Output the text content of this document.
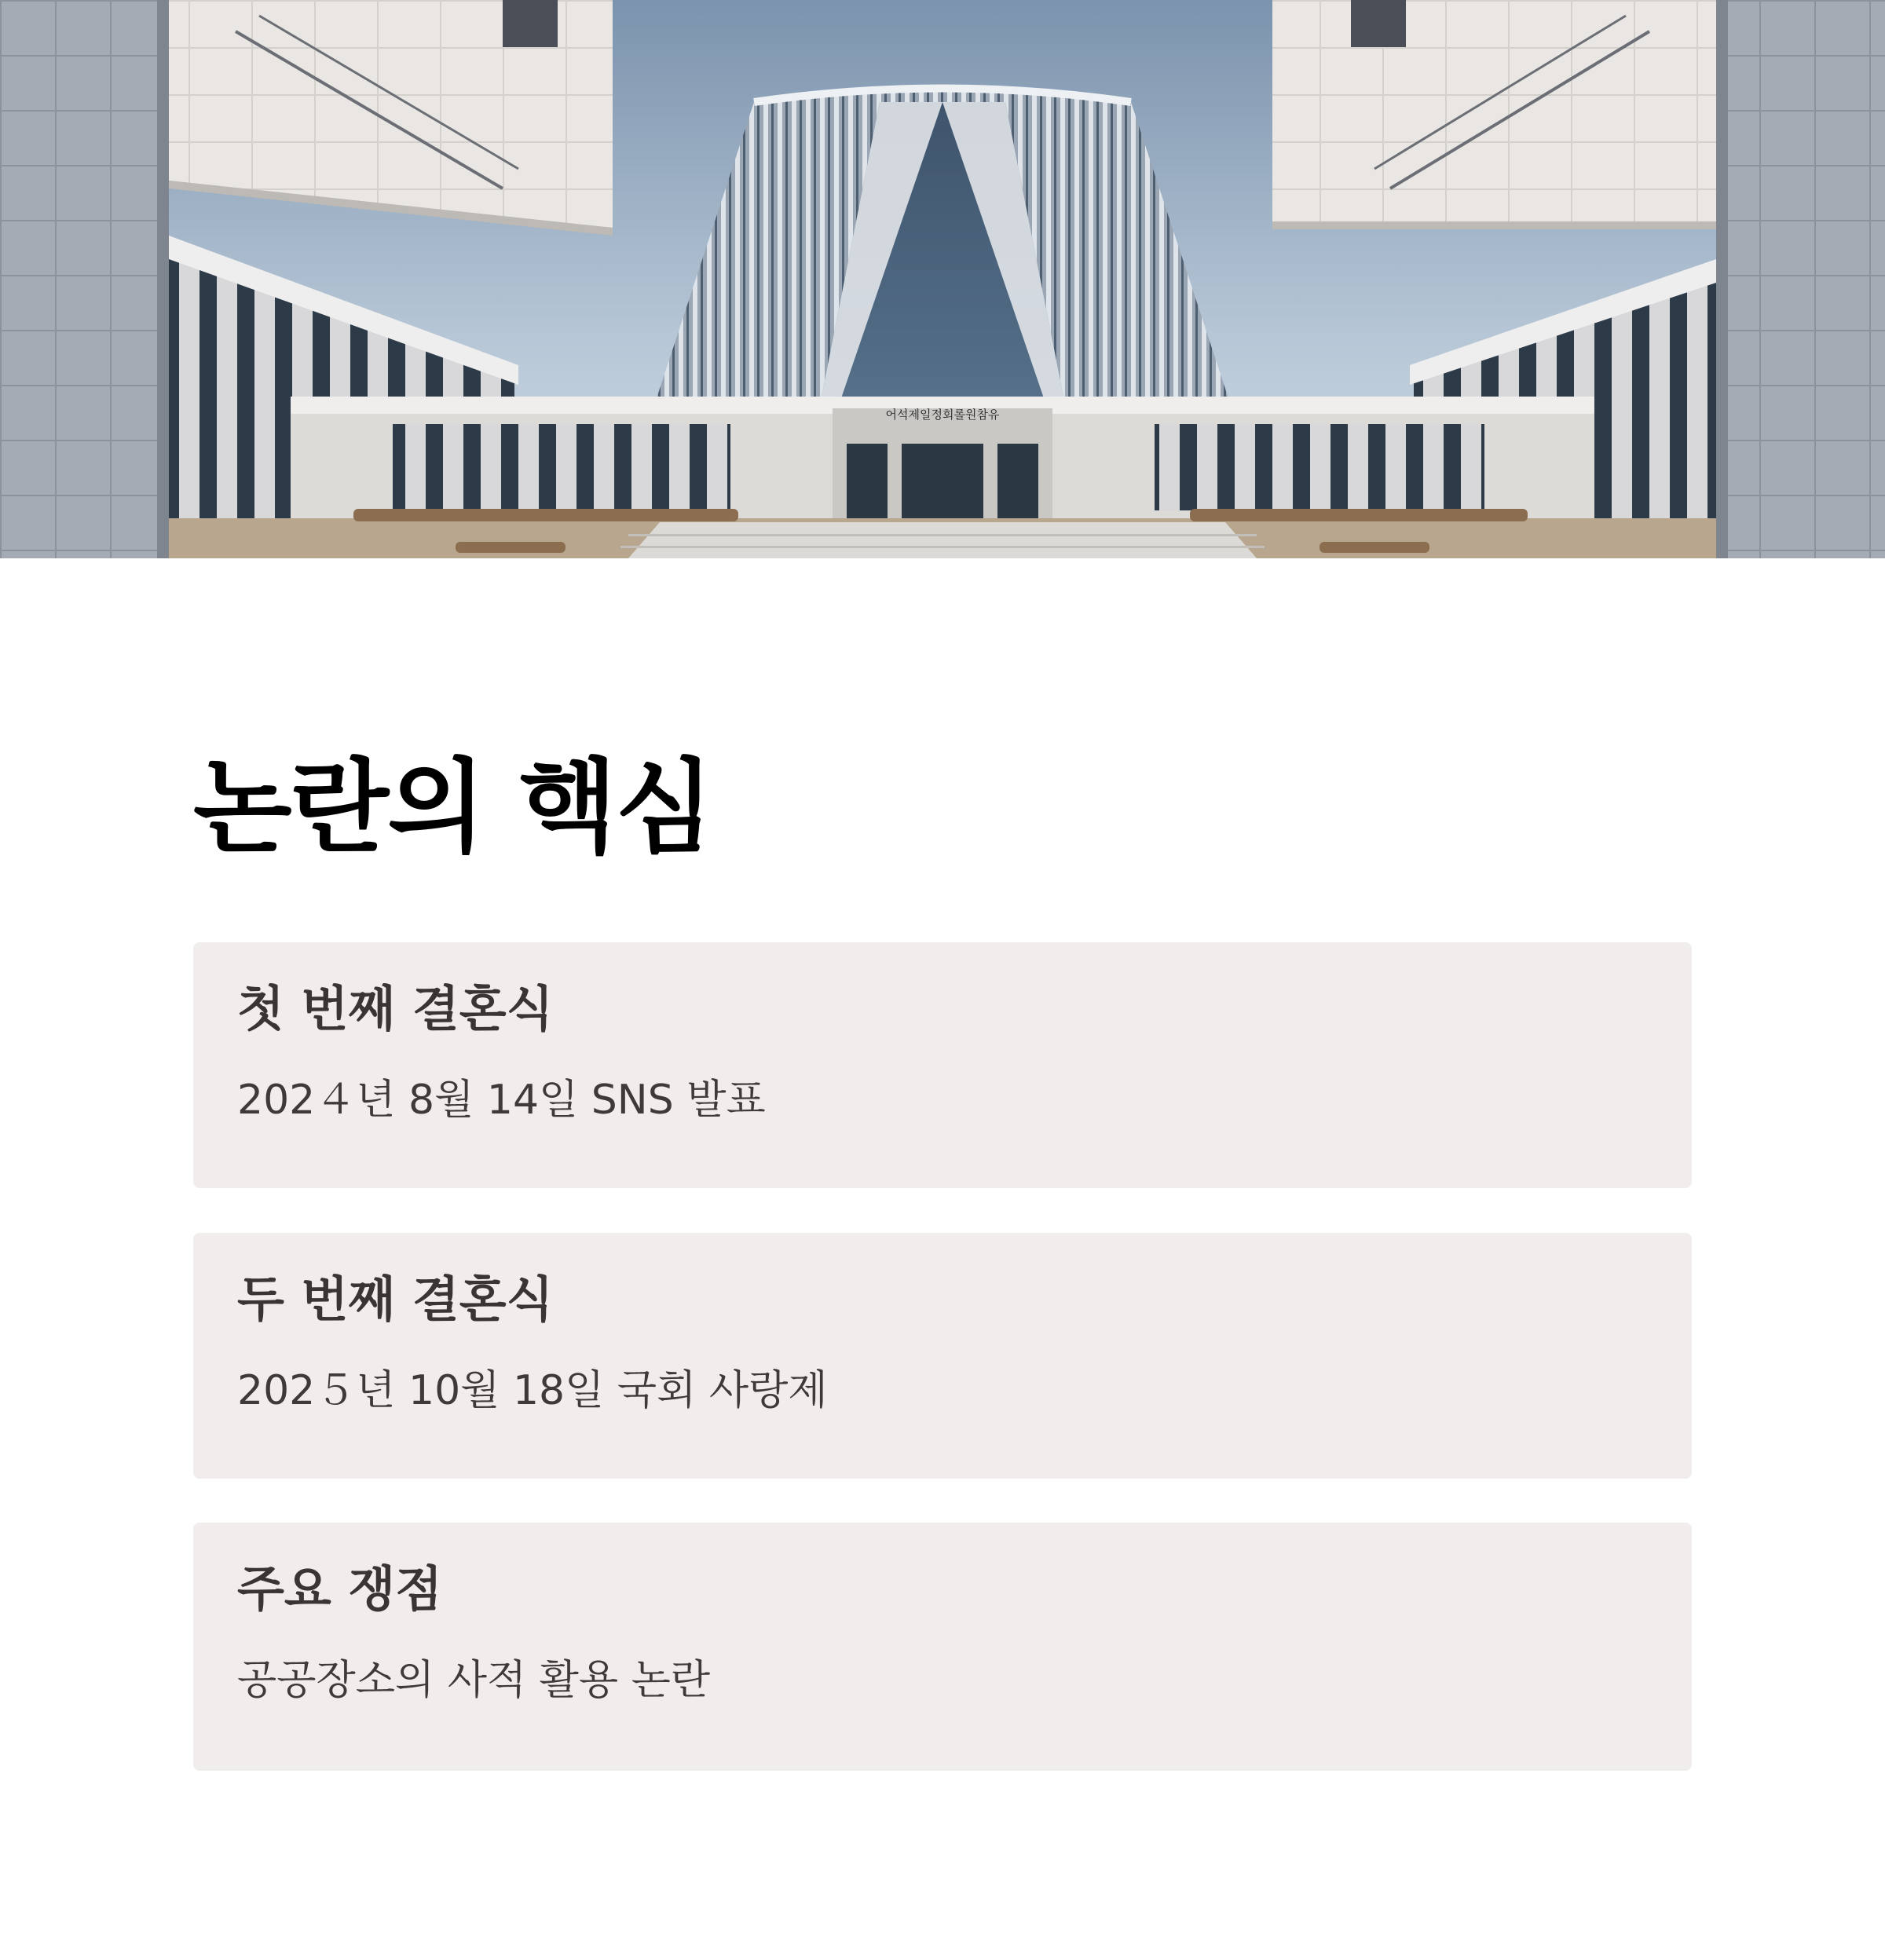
어석제일정회롤원참유
논란의 핵심
첫 번째 결혼식

202４년 8월 14일 SNS 발표

두 번째 결혼식

202５년 10월 18일 국회 사랑제

주요 쟁점

공공장소의 사적 활용 논란
